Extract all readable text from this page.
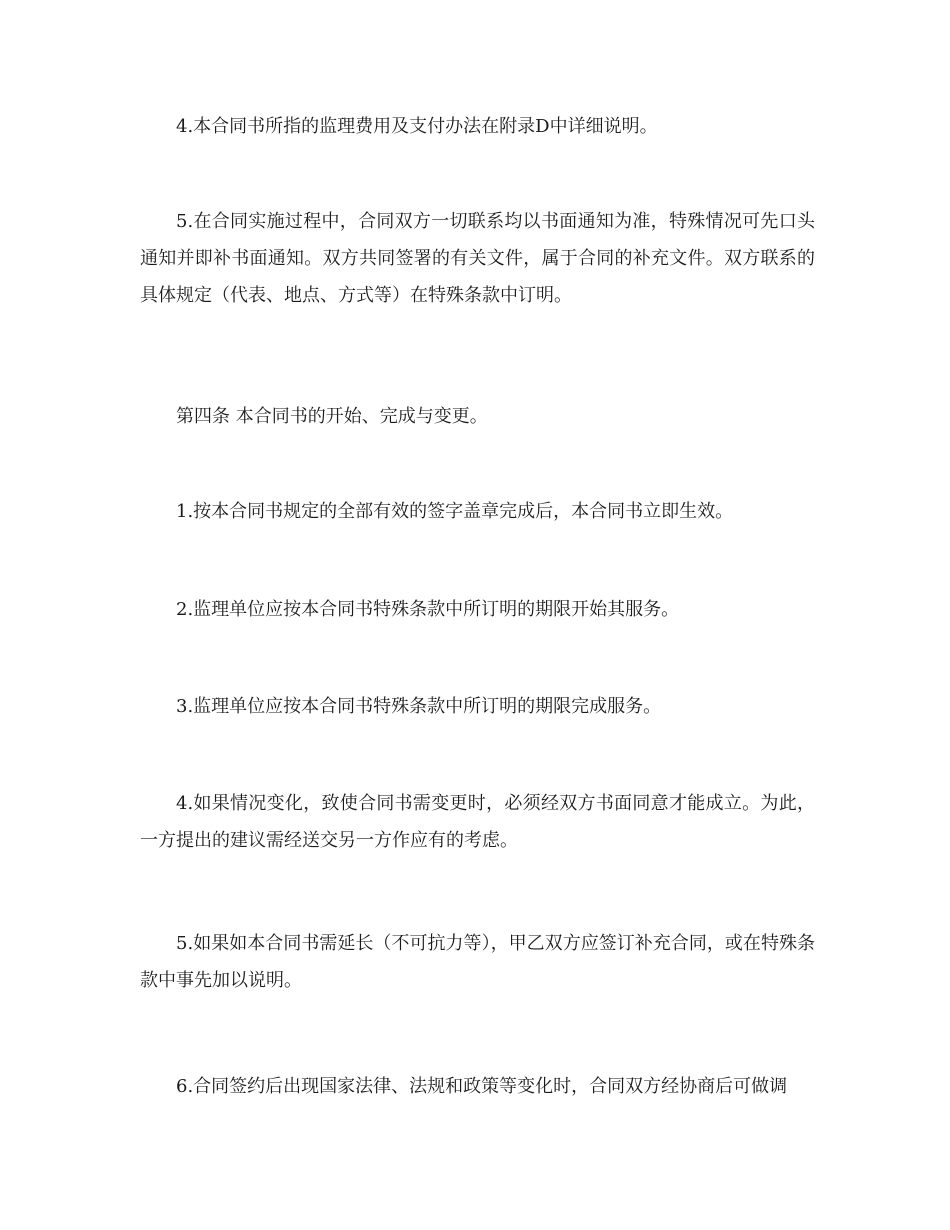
4.本合同书所指的监理费用及支付办法在附录D中详细说明。

5.在合同实施过程中，合同双方一切联系均以书面通知为准，特殊情况可先口头通知并即补书面通知。双方共同签署的有关文件，属于合同的补充文件。双方联系的具体规定（代表、地点、方式等）在特殊条款中订明。

第四条 本合同书的开始、完成与变更。

1.按本合同书规定的全部有效的签字盖章完成后，本合同书立即生效。

2.监理单位应按本合同书特殊条款中所订明的期限开始其服务。

3.监理单位应按本合同书特殊条款中所订明的期限完成服务。

4.如果情况变化，致使合同书需变更时，必须经双方书面同意才能成立。为此，一方提出的建议需经送交另一方作应有的考虑。

5.如果如本合同书需延长（不可抗力等），甲乙双方应签订补充合同，或在特殊条款中事先加以说明。

6.合同签约后出现国家法律、法规和政策等变化时，合同双方经协商后可做调
